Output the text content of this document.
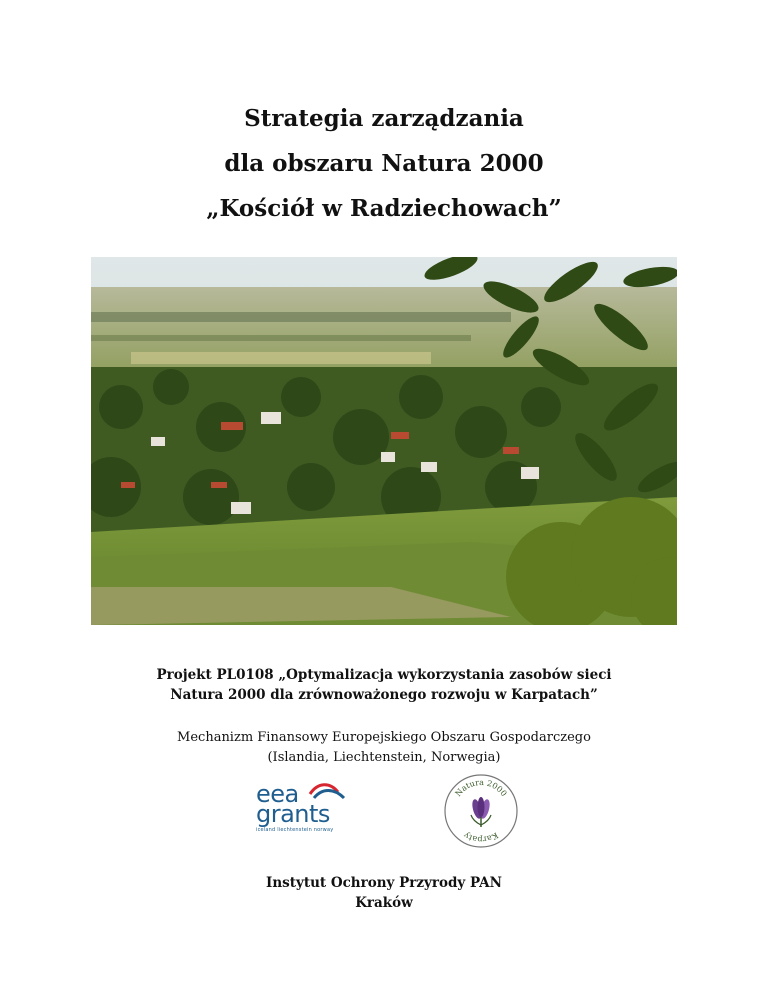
Strategia zarządzania
dla obszaru Natura 2000
„Kościół w Radziechowach”
Projekt PL0108 „Optymalizacja wykorzystania zasobów sieci
Natura 2000 dla zrównoważonego rozwoju w Karpatach”
Mechanizm Finansowy Europejskiego Obszaru Gospodarczego
(Islandia, Liechtenstein, Norwegia)
eea
grants
iceland liechtenstein norway
Natura 2000
Karpaty
Instytut Ochrony Przyrody PAN
Kraków
